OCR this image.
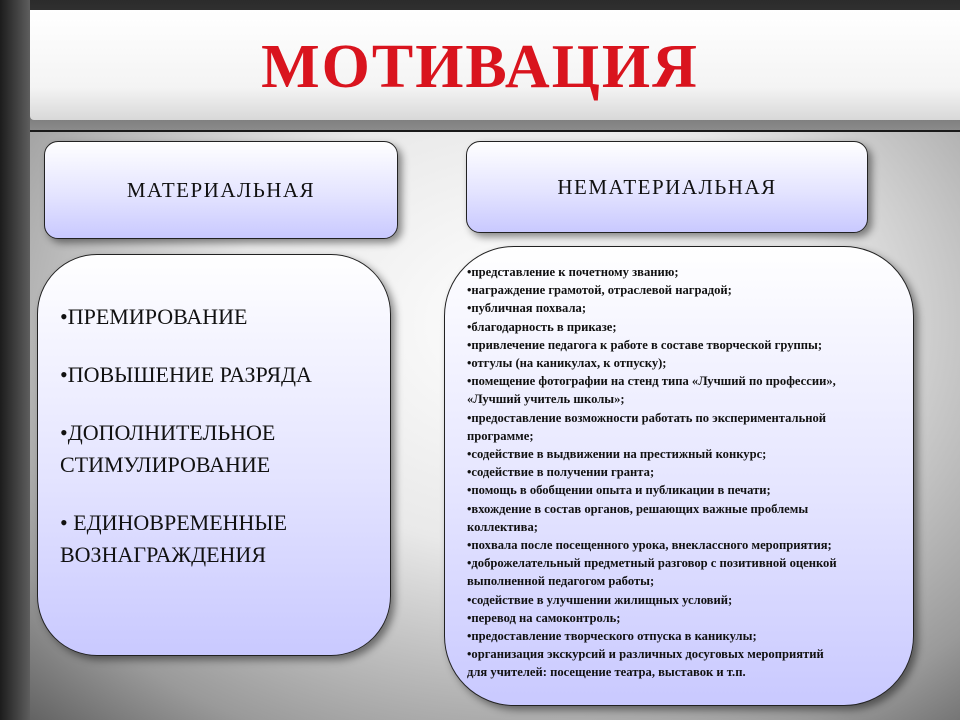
МОТИВАЦИЯ
МАТЕРИАЛЬНАЯ	НЕМАТЕРИАЛЬНАЯ
•ПРЕМИРОВАНИЕ
•ПОВЫШЕНИЕ РАЗРЯДА
•ДОПОЛНИТЕЛЬНОЕ СТИМУЛИРОВАНИЕ
• ЕДИНОВРЕМЕННЫЕ ВОЗНАГРАЖДЕНИЯ
•представление к почетному званию;
•награждение грамотой, отраслевой наградой;
•публичная похвала;
•благодарность в приказе;
•привлечение педагога к работе в составе творческой группы;
•отгулы (на каникулах, к отпуску);
•помещение фотографии на стенд типа «Лучший по профессии»,
«Лучший учитель школы»;
•предоставление возможности работать по экспериментальной
программе;
•содействие в выдвижении на престижный конкурс;
•содействие в получении гранта;
•помощь в обобщении опыта и публикации в печати;
•вхождение в состав органов, решающих важные проблемы
коллектива;
•похвала после посещенного урока, внеклассного мероприятия;
•доброжелательный предметный разговор с позитивной оценкой
выполненной педагогом работы;
•содействие в улучшении жилищных условий;
•перевод на самоконтроль;
•предоставление творческого отпуска в каникулы;
•организация экскурсий и различных досуговых мероприятий
для учителей: посещение театра, выставок и т.п.
